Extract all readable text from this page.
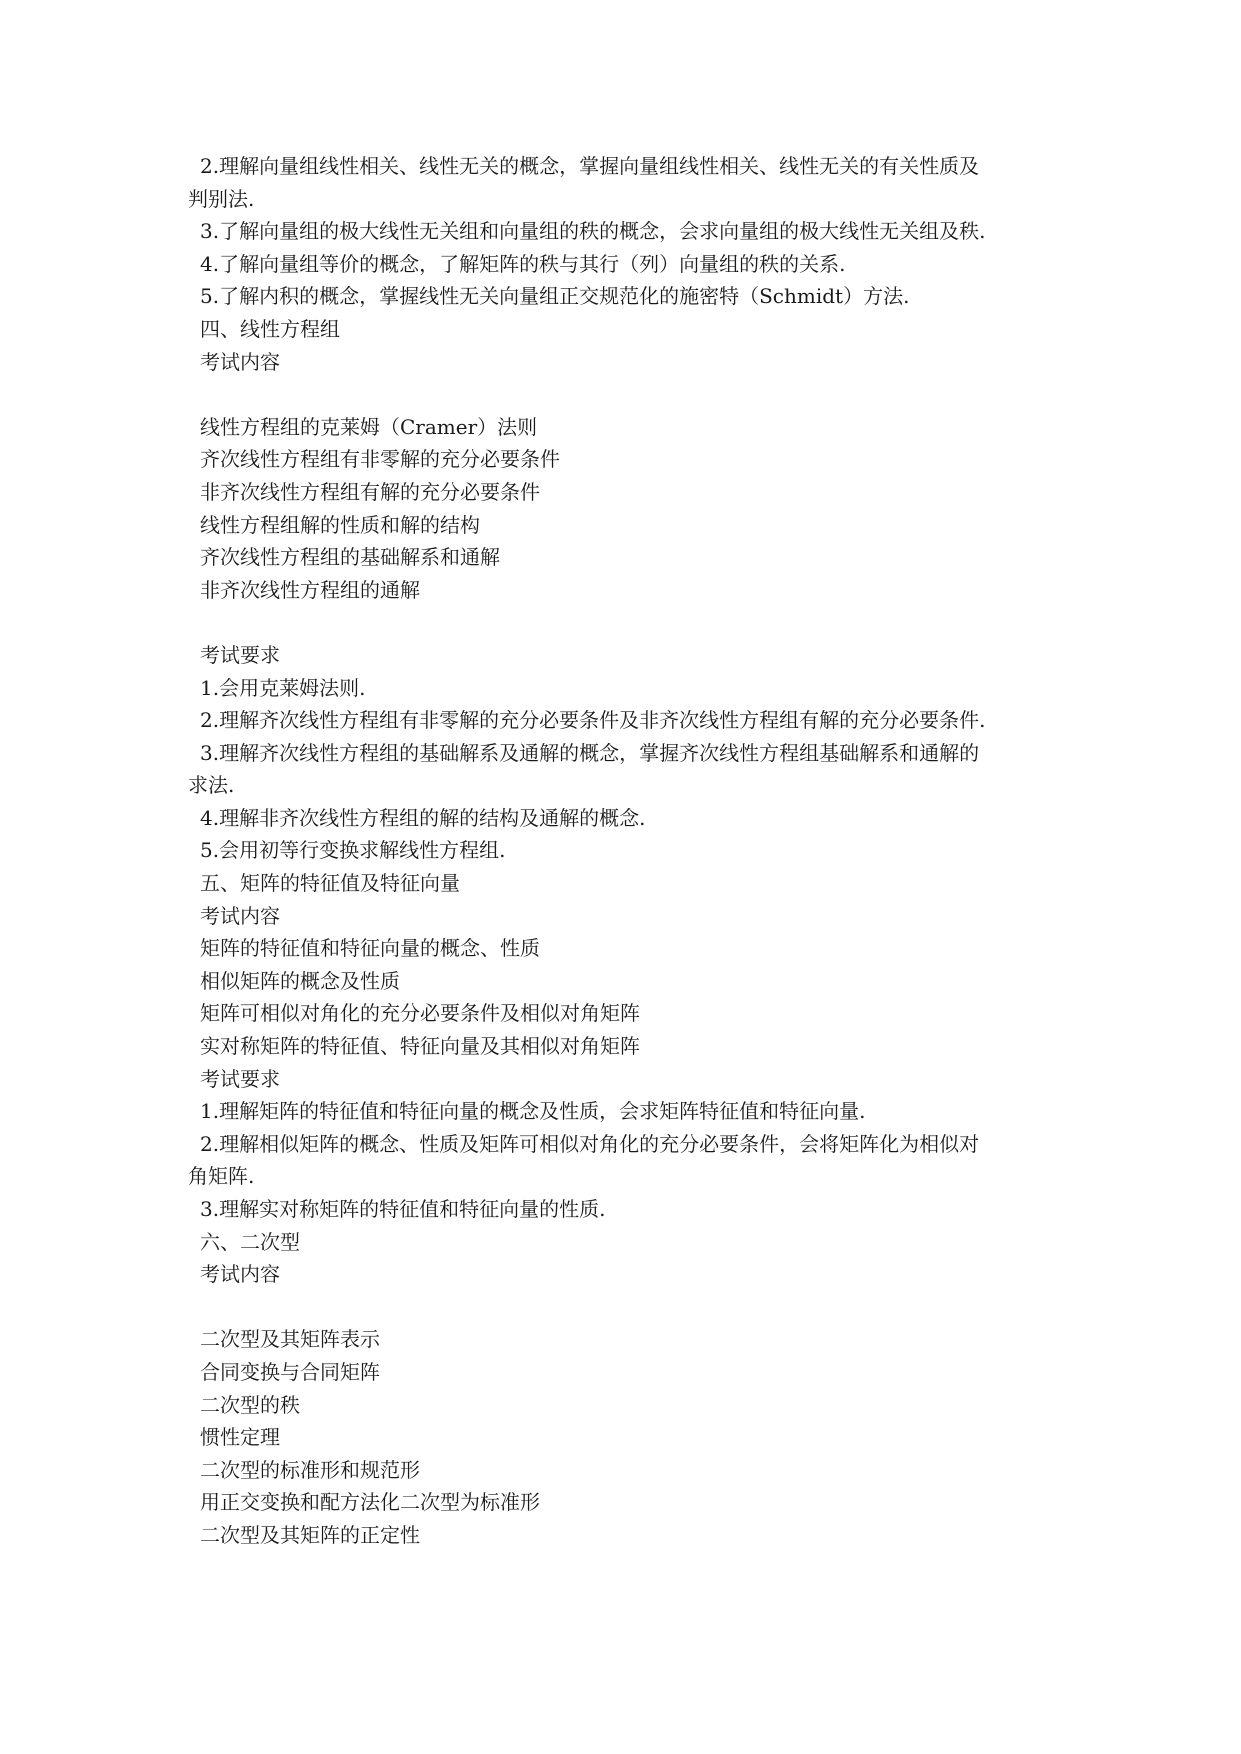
2.理解向量组线性相关、线性无关的概念，掌握向量组线性相关、线性无关的有关性质及
判别法.
3.了解向量组的极大线性无关组和向量组的秩的概念，会求向量组的极大线性无关组及秩.
4.了解向量组等价的概念，了解矩阵的秩与其行（列）向量组的秩的关系.
5.了解内积的概念，掌握线性无关向量组正交规范化的施密特（Schmidt）方法.
四、线性方程组
考试内容
线性方程组的克莱姆（Cramer）法则
齐次线性方程组有非零解的充分必要条件
非齐次线性方程组有解的充分必要条件
线性方程组解的性质和解的结构
齐次线性方程组的基础解系和通解
非齐次线性方程组的通解
考试要求
1.会用克莱姆法则.
2.理解齐次线性方程组有非零解的充分必要条件及非齐次线性方程组有解的充分必要条件.
3.理解齐次线性方程组的基础解系及通解的概念，掌握齐次线性方程组基础解系和通解的
求法.
4.理解非齐次线性方程组的解的结构及通解的概念.
5.会用初等行变换求解线性方程组.
五、矩阵的特征值及特征向量
考试内容
矩阵的特征值和特征向量的概念、性质
相似矩阵的概念及性质
矩阵可相似对角化的充分必要条件及相似对角矩阵
实对称矩阵的特征值、特征向量及其相似对角矩阵
考试要求
1.理解矩阵的特征值和特征向量的概念及性质，会求矩阵特征值和特征向量.
2.理解相似矩阵的概念、性质及矩阵可相似对角化的充分必要条件，会将矩阵化为相似对
角矩阵.
3.理解实对称矩阵的特征值和特征向量的性质.
六、二次型
考试内容
二次型及其矩阵表示
合同变换与合同矩阵
二次型的秩
惯性定理
二次型的标准形和规范形
用正交变换和配方法化二次型为标准形
二次型及其矩阵的正定性
